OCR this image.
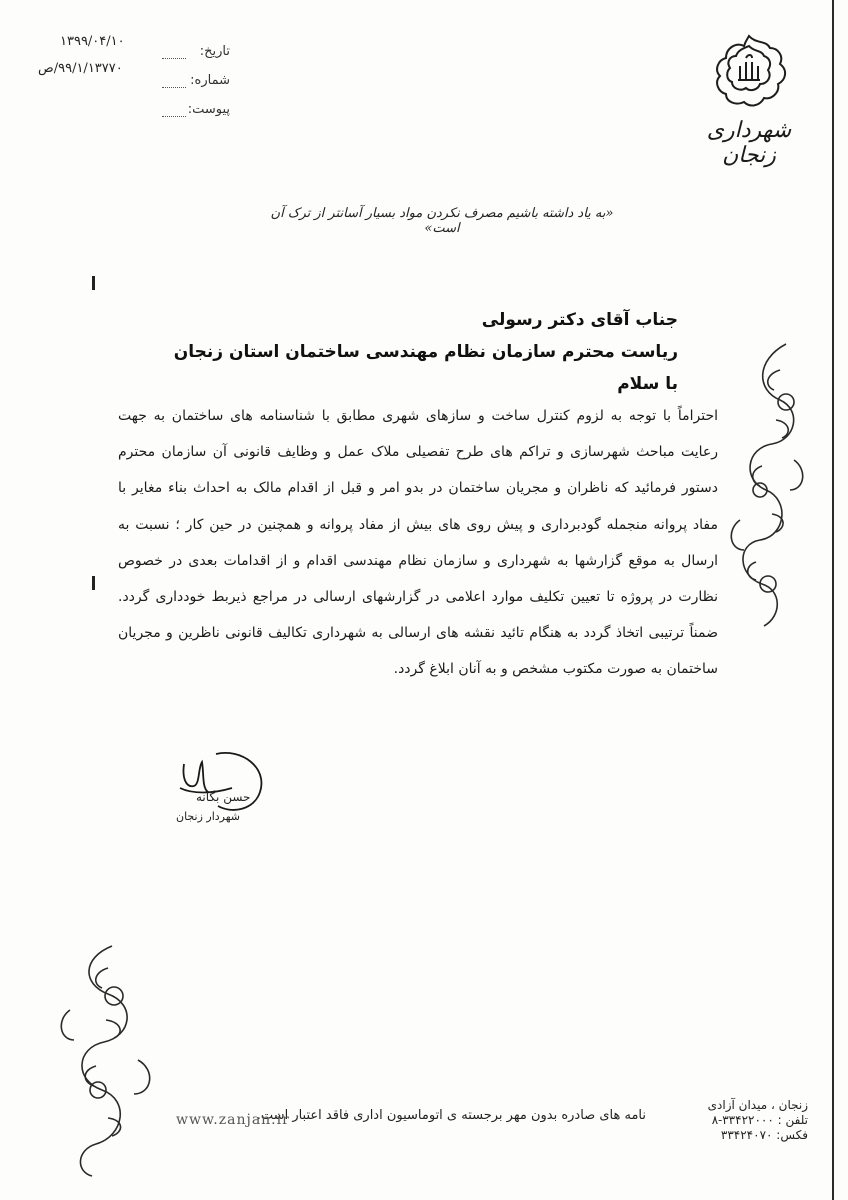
تاریخ:
۱۳۹۹/۰۴/۱۰
شماره:
۹۹/۱/۱۳۷۷۰/ص
پیوست:
شهرداری زنجان
«به یاد داشته باشیم مصرف نکردن مواد بسیار آسانتر از ترک آن است»
جناب آقای دکتر رسولی
ریاست محترم سازمان نظام مهندسی ساختمان استان زنجان
با سلام
احتراماً با توجه به لزوم کنترل ساخت و سازهای شهری مطابق با شناسنامه های ساختمان به جهت رعایت مباحث شهرسازی و تراکم های طرح تفصیلی ملاک عمل و وظایف قانونی آن سازمان محترم دستور فرمائید که ناظران و مجریان ساختمان در بدو امر و قبل از اقدام مالک به احداث بناء مغایر با مفاد پروانه منجمله گودبرداری و پیش روی های بیش از مفاد پروانه و همچنین در حین کار ؛ نسبت به ارسال به موقع گزارشها به شهرداری و سازمان نظام مهندسی اقدام و از اقدامات بعدی در خصوص نظارت در پروژه تا تعیین تکلیف موارد اعلامی در گزارشهای ارسالی در مراجع ذیربط خودداری گردد. ضمناً ترتیبی اتخاذ گردد به هنگام تائید نقشه های ارسالی به شهرداری تکالیف قانونی ناظرین و مجریان ساختمان به صورت مکتوب مشخص و به آنان ابلاغ گردد.
حسن بگانه
شهردار زنجان
نامه های صادره بدون مهر برجسته ی اتوماسیون اداری فاقد اعتبار است.
www.zanjan.ir
زنجان ، میدان آزادی
تلفن : ۳۳۴۲۲۰۰۰-۸
فکس: ۳۳۴۲۴۰۷۰
